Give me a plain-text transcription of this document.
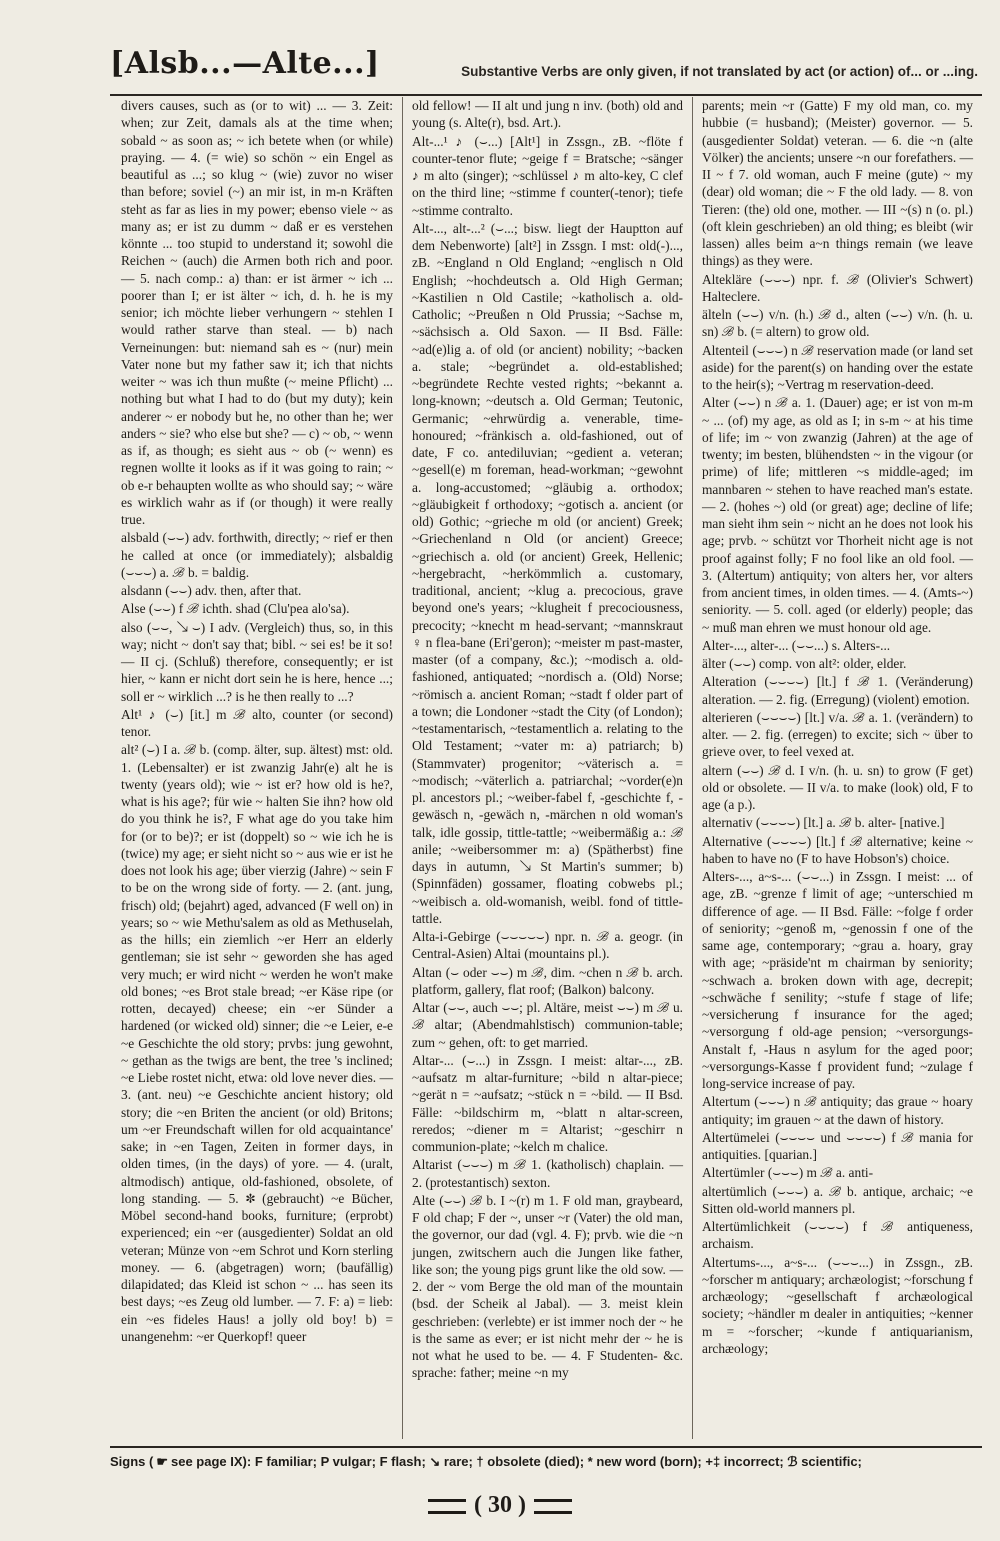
[Alsb...—Alte...]	Substantive Verbs are only given, if not translated by act (or action) of... or ...ing.

divers causes, such as (or to wit) ... — 3. Zeit: when; zur Zeit, damals als at the time when; sobald ~ as soon as; ~ ich betete when (or while) praying. — 4. (= wie) so schön ~ ein Engel as beautiful as ...; so klug ~ (wie) zuvor no wiser than before; soviel (~) an mir ist, in m-n Kräften steht as far as lies in my power; ebenso viele ~ as many as; er ist zu dumm ~ daß er es verstehen könnte ... too stupid to understand it; sowohl die Reichen ~ (auch) die Armen both rich and poor. — 5. nach comp.: a) than: er ist ärmer ~ ich ... poorer than I; er ist älter ~ ich, d. h. he is my senior; ich möchte lieber verhungern ~ stehlen I would rather starve than steal. — b) nach Verneinungen: but: niemand sah es ~ (nur) mein Vater none but my father saw it; ich that nichts weiter ~ was ich thun mußte (~ meine Pflicht) ... nothing but what I had to do (but my duty); kein anderer ~ er nobody but he, no other than he; wer anders ~ sie? who else but she? — c) ~ ob, ~ wenn as if, as though; es sieht aus ~ ob (~ wenn) es regnen wollte it looks as if it was going to rain; ~ ob e-r behaupten wollte as who should say; ~ wäre es wirklich wahr as if (or though) it were really true.

alsbald (⌣⌣) adv. forthwith, directly; ~ rief er then he called at once (or immediately); alsbaldig (⌣⌣⌣) a. ℬ b. = baldig.

alsdann (⌣⌣) adv. then, after that.

Alse (⌣⌣) f ℬ ichth. shad (Clu'pea alo'sa).

also (⌣⌣, ↘ ⌣) I adv. (Vergleich) thus, so, in this way; nicht ~ don't say that; bibl. ~ sei es! be it so! — II cj. (Schluß) therefore, consequently; er ist hier, ~ kann er nicht dort sein he is here, hence ...; soll er ~ wirklich ...? is he then really to ...?

Alt¹ ♪ (⌣) [it.] m ℬ alto, counter (or second) tenor.

alt² (⌣) I a. ℬ b. (comp. älter, sup. ältest) mst: old. 1. (Lebensalter) er ist zwanzig Jahr(e) alt he is twenty (years old); wie ~ ist er? how old is he?, what is his age?; für wie ~ halten Sie ihn? how old do you think he is?, F what age do you take him for (or to be)?; er ist (doppelt) so ~ wie ich he is (twice) my age; er sieht nicht so ~ aus wie er ist he does not look his age; über vierzig (Jahre) ~ sein F to be on the wrong side of forty. — 2. (ant. jung, frisch) old; (bejahrt) aged, advanced (F well on) in years; so ~ wie Methu'salem as old as Methuselah, as the hills; ein ziemlich ~er Herr an elderly gentleman; sie ist sehr ~ geworden she has aged very much; er wird nicht ~ werden he won't make old bones; ~es Brot stale bread; ~er Käse ripe (or rotten, decayed) cheese; ein ~er Sünder a hardened (or wicked old) sinner; die ~e Leier, e-e ~e Geschichte the old story; prvbs: jung gewohnt, ~ gethan as the twigs are bent, the tree 's inclined; ~e Liebe rostet nicht, etwa: old love never dies. — 3. (ant. neu) ~e Geschichte ancient history; old story; die ~en Briten the ancient (or old) Britons; um ~er Freundschaft willen for old acquaintance' sake; in ~en Tagen, Zeiten in former days, in olden times, (in the days) of yore. — 4. (uralt, altmodisch) antique, old-fashioned, obsolete, of long standing. — 5. ✽ (gebraucht) ~e Bücher, Möbel second-hand books, furniture; (erprobt) experienced; ein ~er (ausgedienter) Soldat an old veteran; Münze von ~em Schrot und Korn sterling money. — 6. (abgetragen) worn; (baufällig) dilapidated; das Kleid ist schon ~ ... has seen its best days; ~es Zeug old lumber. — 7. F: a) = lieb: ein ~es fideles Haus! a jolly old boy! b) = unangenehm: ~er Querkopf! queer

old fellow! — II alt und jung n inv. (both) old and young (s. Alte(r), bsd. Art.).

Alt-...¹ ♪ (⌣...) [Alt¹] in Zssgn., zB. ~flöte f counter-tenor flute; ~geige f = Bratsche; ~sänger ♪ m alto (singer); ~schlüssel ♪ m alto-key, C clef on the third line; ~stimme f counter(-tenor); tiefe ~stimme contralto.

Alt-..., alt-...² (⌣...; bisw. liegt der Hauptton auf dem Nebenworte) [alt²] in Zssgn. I mst: old(-)..., zB. ~England n Old England; ~englisch n Old English; ~hochdeutsch a. Old High German; ~Kastilien n Old Castile; ~katholisch a. old-Catholic; ~Preußen n Old Prussia; ~Sachse m, ~sächsisch a. Old Saxon. — II Bsd. Fälle: ~ad(e)lig a. of old (or ancient) nobility; ~backen a. stale; ~begründet a. old-established; ~begründete Rechte vested rights; ~bekannt a. long-known; ~deutsch a. Old German; Teutonic, Germanic; ~ehrwürdig a. venerable, time-honoured; ~fränkisch a. old-fashioned, out of date, F co. antediluvian; ~gedient a. veteran; ~gesell(e) m foreman, head-workman; ~gewohnt a. long-accustomed; ~gläubig a. orthodox; ~gläubigkeit f orthodoxy; ~gotisch a. ancient (or old) Gothic; ~grieche m old (or ancient) Greek; ~Griechenland n Old (or ancient) Greece; ~griechisch a. old (or ancient) Greek, Hellenic; ~hergebracht, ~herkömmlich a. customary, traditional, ancient; ~klug a. precocious, grave beyond one's years; ~klugheit f precociousness, precocity; ~knecht m head-servant; ~mannskraut ♀ n flea-bane (Eri'geron); ~meister m past-master, master (of a company, &c.); ~modisch a. old-fashioned, antiquated; ~nordisch a. (Old) Norse; ~römisch a. ancient Roman; ~stadt f older part of a town; die Londoner ~stadt the City (of London); ~testamentarisch, ~testamentlich a. relating to the Old Testament; ~vater m: a) patriarch; b) (Stammvater) progenitor; ~väterisch a. = ~modisch; ~väterlich a. patriarchal; ~vorder(e)n pl. ancestors pl.; ~weiber-fabel f, -geschichte f, -gewäsch n, -gewäch n, -märchen n old woman's talk, idle gossip, tittle-tattle; ~weibermäßig a.: ℬ anile; ~weibersommer m: a) (Spätherbst) fine days in autumn, ↘ St Martin's summer; b) (Spinnfäden) gossamer, floating cobwebs pl.; ~weibisch a. old-womanish, weibl. fond of tittle-tattle.

Alta-i-Gebirge (⌣⌣⌣⌣⌣) npr. n. ℬ a. geogr. (in Central-Asien) Altai (mountains pl.).

Altan (⌣ oder ⌣⌣) m ℬ, dim. ~chen n ℬ b. arch. platform, gallery, flat roof; (Balkon) balcony.

Altar (⌣⌣, auch ⌣⌣; pl. Altäre, meist ⌣⌣) m ℬ u. ℬ altar; (Abendmahlstisch) communion-table; zum ~ gehen, oft: to get married.

Altar-... (⌣...) in Zssgn. I meist: altar-..., zB. ~aufsatz m altar-furniture; ~bild n altar-piece; ~gerät n = ~aufsatz; ~stück n = ~bild. — II Bsd. Fälle: ~bildschirm m, ~blatt n altar-screen, reredos; ~diener m = Altarist; ~geschirr n communion-plate; ~kelch m chalice.

Altarist (⌣⌣⌣) m ℬ 1. (katholisch) chaplain. — 2. (protestantisch) sexton.

Alte (⌣⌣) ℬ b. I ~(r) m 1. F old man, graybeard, F old chap; F der ~, unser ~r (Vater) the old man, the governor, our dad (vgl. 4. F); prvb. wie die ~n jungen, zwitschern auch die Jungen like father, like son; the young pigs grunt like the old sow. — 2. der ~ vom Berge the old man of the mountain (bsd. der Scheik al Jabal). — 3. meist klein geschrieben: (verlebte) er ist immer noch der ~ he is the same as ever; er ist nicht mehr der ~ he is not what he used to be. — 4. F Studenten- &c. sprache: father; meine ~n my

parents; mein ~r (Gatte) F my old man, co. my hubbie (= husband); (Meister) governor. — 5. (ausgedienter Soldat) veteran. — 6. die ~n (alte Völker) the ancients; unsere ~n our forefathers. — II ~ f 7. old woman, auch F meine (gute) ~ my (dear) old woman; die ~ F the old lady. — 8. von Tieren: (the) old one, mother. — III ~(s) n (o. pl.) (oft klein geschrieben) an old thing; es bleibt (wir lassen) alles beim a~n things remain (we leave things) as they were.

Altekläre (⌣⌣⌣) npr. f. ℬ (Olivier's Schwert) Halteclere.

älteln (⌣⌣) v/n. (h.) ℬ d., alten (⌣⌣) v/n. (h. u. sn) ℬ b. (= altern) to grow old.

Altenteil (⌣⌣⌣) n ℬ reservation made (or land set aside) for the parent(s) on handing over the estate to the heir(s); ~Vertrag m reservation-deed.

Alter (⌣⌣) n ℬ a. 1. (Dauer) age; er ist von m-m ~ ... (of) my age, as old as I; in s-m ~ at his time of life; im ~ von zwanzig (Jahren) at the age of twenty; im besten, blühendsten ~ in the vigour (or prime) of life; mittleren ~s middle-aged; im mannbaren ~ stehen to have reached man's estate. — 2. (hohes ~) old (or great) age; decline of life; man sieht ihm sein ~ nicht an he does not look his age; prvb. ~ schützt vor Thorheit nicht age is not proof against folly; F no fool like an old fool. — 3. (Altertum) antiquity; von alters her, vor alters from ancient times, in olden times. — 4. (Amts-~) seniority. — 5. coll. aged (or elderly) people; das ~ muß man ehren we must honour old age.

Alter-..., alter-... (⌣⌣...) s. Alters-...

älter (⌣⌣) comp. von alt²: older, elder.

Alteration (⌣⌣⌣⌣) [lt.] f ℬ 1. (Veränderung) alteration. — 2. fig. (Erregung) (violent) emotion.

alterieren (⌣⌣⌣⌣) [lt.] v/a. ℬ a. 1. (verändern) to alter. — 2. fig. (erregen) to excite; sich ~ über to grieve over, to feel vexed at.

altern (⌣⌣) ℬ d. I v/n. (h. u. sn) to grow (F get) old or obsolete. — II v/a. to make (look) old, F to age (a p.).

alternativ (⌣⌣⌣⌣) [lt.] a. ℬ b. alter- [native.]

Alternative (⌣⌣⌣⌣) [lt.] f ℬ alternative; keine ~ haben to have no (F to have Hobson's) choice.

Alters-..., a~s-... (⌣⌣...) in Zssgn. I meist: ... of age, zB. ~grenze f limit of age; ~unterschied m difference of age. — II Bsd. Fälle: ~folge f order of seniority; ~genoß m, ~genossin f one of the same age, contemporary; ~grau a. hoary, gray with age; ~präside'nt m chairman by seniority; ~schwach a. broken down with age, decrepit; ~schwäche f senility; ~stufe f stage of life; ~versicherung f insurance for the aged; ~versorgung f old-age pension; ~versorgungs-Anstalt f, -Haus n asylum for the aged poor; ~versorgungs-Kasse f provident fund; ~zulage f long-service increase of pay.

Altertum (⌣⌣⌣) n ℬ antiquity; das graue ~ hoary antiquity; im grauen ~ at the dawn of history.

Altertümelei (⌣⌣⌣⌣ und ⌣⌣⌣⌣) f ℬ mania for antiquities. [quarian.]

Altertümler (⌣⌣⌣) m ℬ a. anti-

altertümlich (⌣⌣⌣) a. ℬ b. antique, archaic; ~e Sitten old-world manners pl.

Altertümlichkeit (⌣⌣⌣⌣) f ℬ antiqueness, archaism.

Altertums-..., a~s-... (⌣⌣⌣...) in Zssgn., zB. ~forscher m antiquary; archæologist; ~forschung f archæology; ~gesellschaft f archæological society; ~händler m dealer in antiquities; ~kenner m = ~forscher; ~kunde f antiquarianism, archæology;

Signs ( ☛ see page IX): F familiar; P vulgar; F flash; ↘ rare; † obsolete (died); * new word (born); +‡ incorrect; ℬ scientific;
( 30 )
